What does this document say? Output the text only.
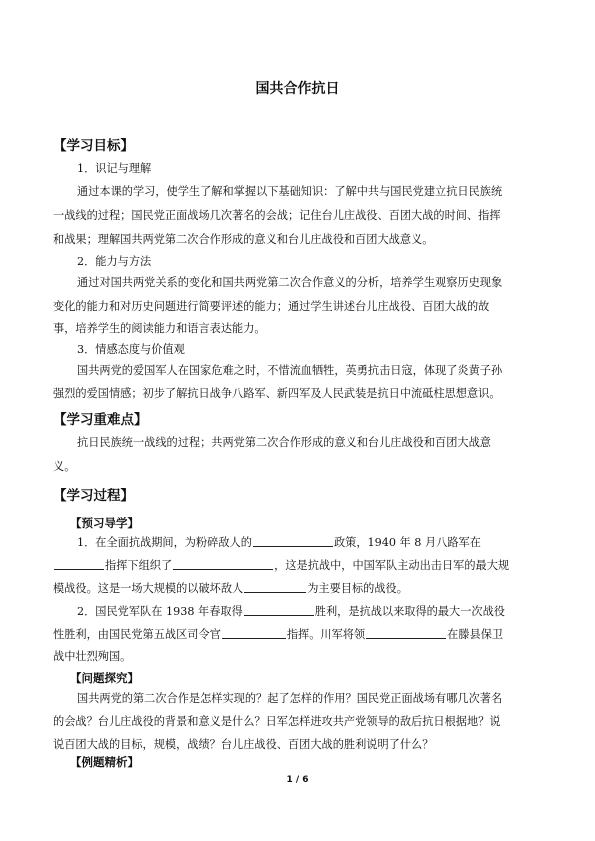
国共合作抗日
【学习目标】
1．识记与理解
通过本课的学习，使学生了解和掌握以下基础知识：了解中共与国民党建立抗日民族统
一战线的过程；国民党正面战场几次著名的会战；记住台儿庄战役、百团大战的时间、指挥
和战果；理解国共两党第二次合作形成的意义和台儿庄战役和百团大战意义。
2．能力与方法
通过对国共两党关系的变化和国共两党第二次合作意义的分析，培养学生观察历史现象
变化的能力和对历史问题进行简要评述的能力；通过学生讲述台儿庄战役、百团大战的故
事，培养学生的阅读能力和语言表达能力。
3．情感态度与价值观
国共两党的爱国军人在国家危难之时，不惜流血牺牲，英勇抗击日寇，体现了炎黄子孙
强烈的爱国情感；初步了解抗日战争八路军、新四军及人民武装是抗日中流砥柱思想意识。
【学习重难点】
抗日民族统一战线的过程；共两党第二次合作形成的意义和台儿庄战役和百团大战意
义。
【学习过程】
【预习导学】
1．在全面抗战期间，为粉碎敌人的	政策，1940 年 8 月八路军在
指挥下组织了	，这是抗战中，中国军队主动出击日军的最大规
模战役。这是一场大规模的以破坏敌人	为主要目标的战役。
2．国民党军队在 1938 年春取得	胜利，是抗战以来取得的最大一次战役
性胜利，由国民党第五战区司令官	指挥。川军将领	在滕县保卫
战中壮烈殉国。
【问题探究】
国共两党的第二次合作是怎样实现的？起了怎样的作用？国民党正面战场有哪几次著名
的会战？台儿庄战役的背景和意义是什么？日军怎样进攻共产党领导的敌后抗日根据地？说
说百团大战的目标，规模，战绩？台儿庄战役、百团大战的胜利说明了什么？
【例题精析】
1 / 6
